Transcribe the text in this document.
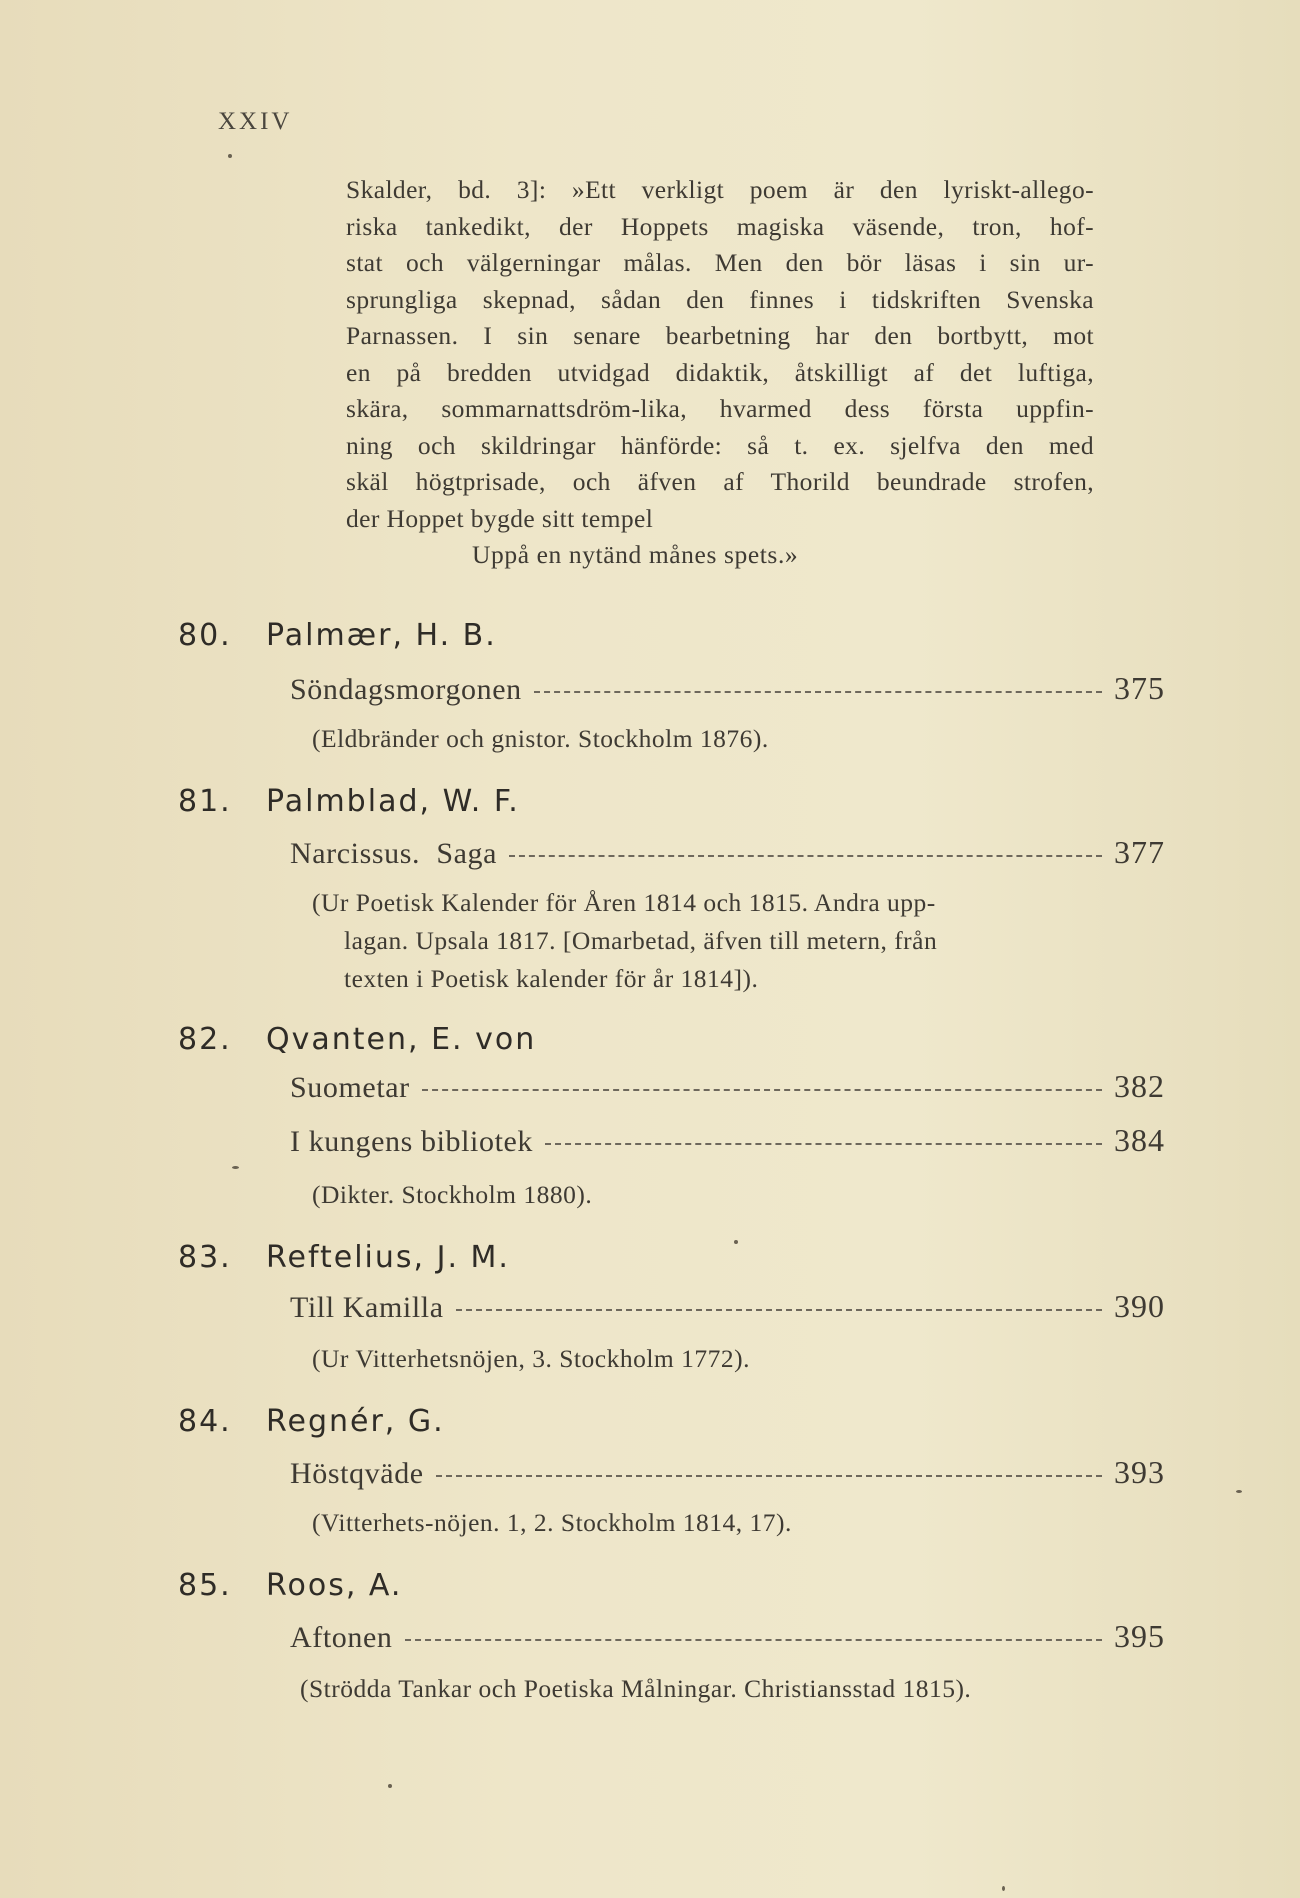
XXIV
Skalder, bd. 3]: »Ett verkligt poem är den lyriskt-allego-
riska tankedikt, der Hoppets magiska väsende, tron, hof-
stat och välgerningar målas. Men den bör läsas i sin ur-
sprungliga skepnad, sådan den finnes i tidskriften Svenska
Parnassen. I sin senare bearbetning har den bortbytt, mot
en på bredden utvidgad didaktik, åtskilligt af det luftiga,
skära, sommarnattsdröm-lika, hvarmed dess första uppfin-
ning och skildringar hänförde: så t. ex. sjelfva den med
skäl högtprisade, och äfven af Thorild beundrade strofen,
der Hoppet bygde sitt tempel
Uppå en nytänd månes spets.»
80. Palmær, H. B.
Söndagsmorgonen	375
(Eldbränder och gnistor. Stockholm 1876).
81. Palmblad, W. F.
Narcissus.  Saga	377
(Ur Poetisk Kalender för Åren 1814 och 1815. Andra upp-
lagan. Upsala 1817. [Omarbetad, äfven till metern, från
texten i Poetisk kalender för år 1814]).
82. Qvanten, E. von
Suometar	382
I kungens bibliotek	384
(Dikter. Stockholm 1880).
83. Reftelius, J. M.
Till Kamilla	390
(Ur Vitterhetsnöjen, 3. Stockholm 1772).
84. Regnér, G.
Höstqväde	393
(Vitterhets-nöjen. 1, 2. Stockholm 1814, 17).
85. Roos, A.
Aftonen	395
(Strödda Tankar och Poetiska Målningar. Christiansstad 1815).
